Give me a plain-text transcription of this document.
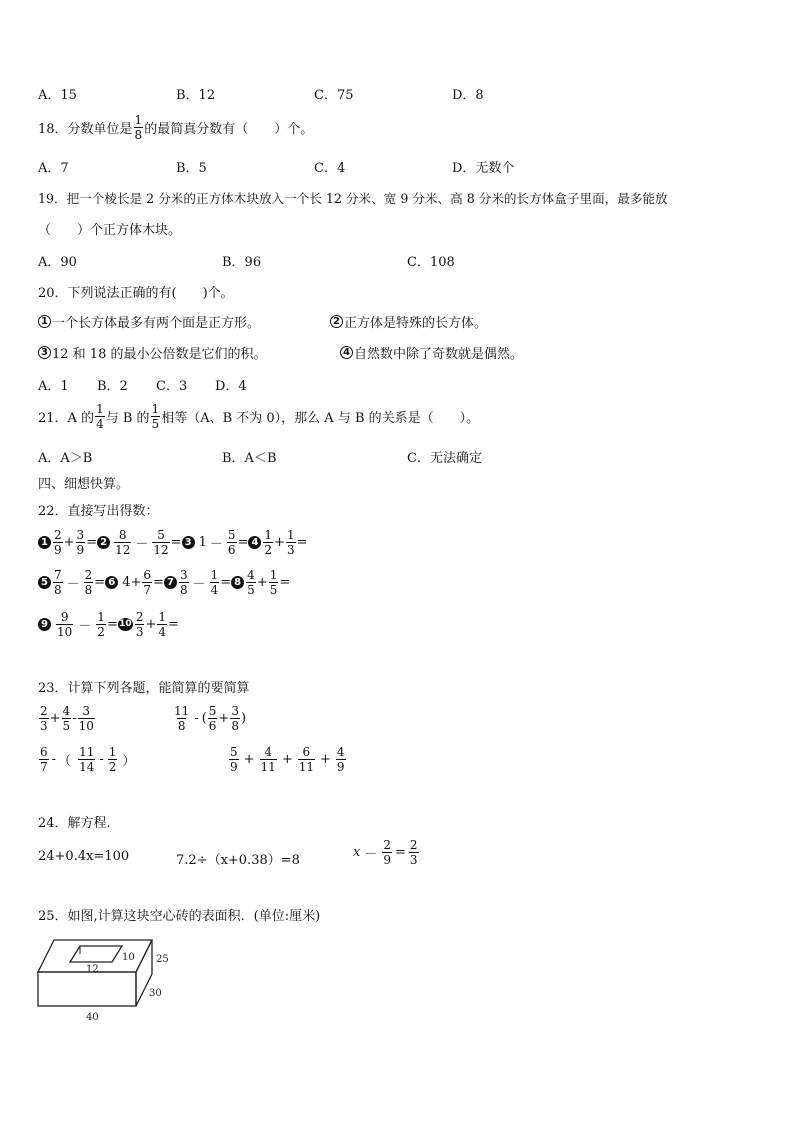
A．15	B．12	C．75	D．8
18．分数单位是 $\frac{1}{8}$ 的最简真分数有（　　）个。
A．7	B．5	C．4	D．无数个
19．把一个棱长是 2 分米的正方体木块放入一个长 12 分米、宽 9 分米、高 8 分米的长方体盒子里面，最多能放
（　　）个正方体木块。
A．90	B．96	C．108
20．下列说法正确的有(　　)个。
1 一个长方体最多有两个面是正方形。	2 正方体是特殊的长方体。
3 12 和 18 的最小公倍数是它们的积。	4 自然数中除了奇数就是偶然。
A．1 B．2 C．3 D．4
21．A 的 $\frac{1}{4}$ 与 B 的 $\frac{1}{5}$ 相等（A、B 不为 0），那么 A 与 B 的关系是（　　）。
A．A＞B	B．A＜B	C．无法确定
四、细想快算。
22．直接写出得数：
$1 \frac{2}{9} + \frac{3}{9} = 2 \frac{8}{12} - \frac{5}{12} = 3$ $1 - \frac{5}{6} = 4 \frac{1}{2} + \frac{1}{3}$ =
$5 \frac{7}{8} - \frac{2}{8} = 6$ $4 + \frac{6}{7} = 7 \frac{3}{8} - \frac{1}{4} = 8 \frac{4}{5} + \frac{1}{5}$ =
$9 \frac{9}{10} - \frac{1}{2} = 10 \frac{2}{3} + \frac{1}{4}$ =
23．计算下列各题，能简算的要简算
$\frac{2}{3} + \frac{4}{5} - \frac{3}{10}$	$\frac{11}{8}$ - ( $\frac{5}{6} + \frac{3}{8}$ )
$\frac{6}{7}$ - （ $\frac{11}{14} - \frac{1}{2}$ ）	$\frac{5}{9} + \frac{4}{11} + \frac{6}{11} + \frac{4}{9}$
24．解方程.
24+0.4x=100	7.2÷（x+0.38）=8
$x - \frac{2}{9} = \frac{2}{3}$
25．如图,计算这块空心砖的表面积．(单位:厘米)
12
10 25
30
40
